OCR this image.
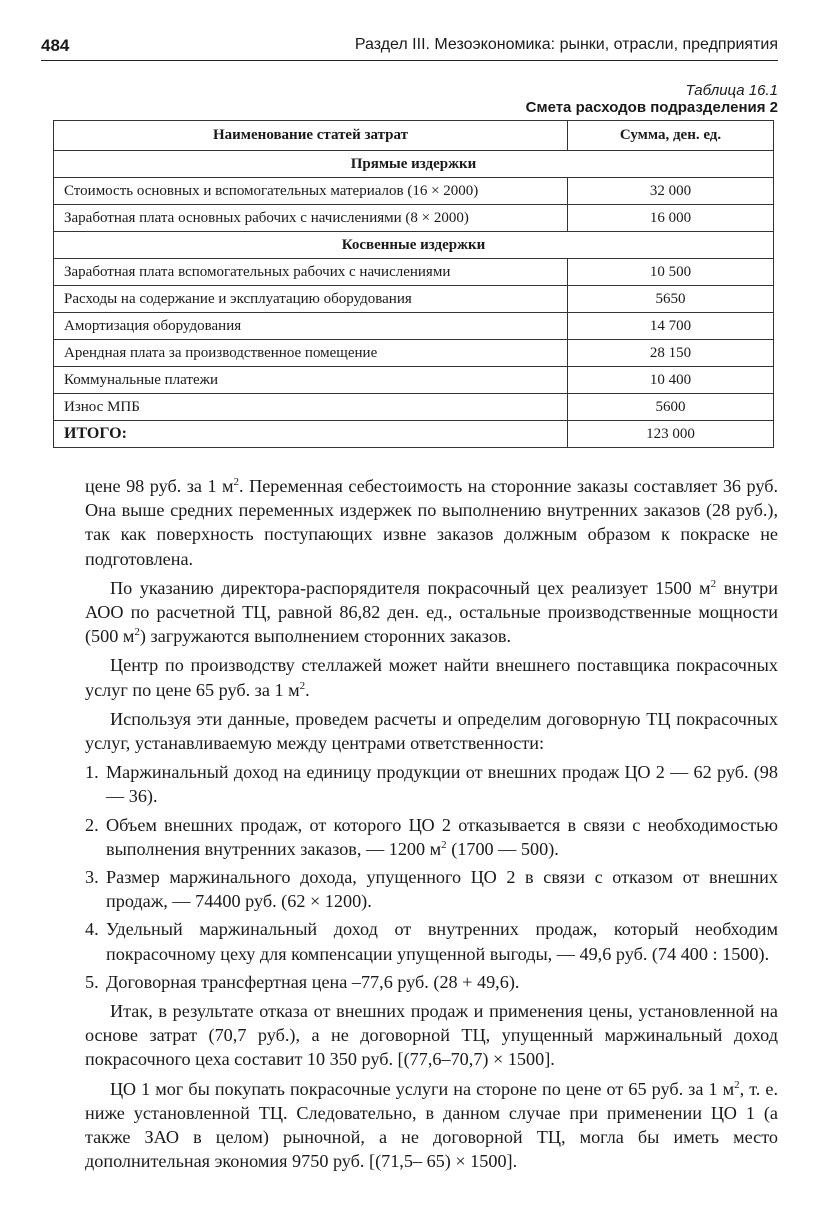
484	Раздел III. Мезоэкономика: рынки, отрасли, предприятия
Таблица 16.1
Смета расходов подразделения 2
Наименование статей затрат	Сумма, ден. ед.
Прямые издержки	
Стоимость основных и вспомогательных материалов (16 × 2000)	32 000
Заработная плата основных рабочих с начислениями (8 × 2000)	16 000
Косвенные издержки	
Заработная плата вспомогательных рабочих с начислениями	10 500
Расходы на содержание и эксплуатацию оборудования	5650
Амортизация оборудования	14 700
Арендная плата за производственное помещение	28 150
Коммунальные платежи	10 400
Износ МПБ	5600
ИТОГО:	123 000

цене 98 руб. за 1 $м^2$. Переменная себестоимость на сторонние заказы составляет 36 руб. Она выше средних переменных издержек по выполнению внутренних заказов (28 руб.), так как поверхность поступающих извне заказов должным образом к покраске не подготовлена.

По указанию директора-распорядителя покрасочный цех реализует 1500 $м^2$ внутри АОО по расчетной ТЦ, равной 86,82 ден. ед., остальные производственные мощности (500 $м^2$) загружаются выполнением сторонних заказов.

Центр по производству стеллажей может найти внешнего поставщика покрасочных услуг по цене 65 руб. за 1 $м^2$.

Используя эти данные, проведем расчеты и определим договорную ТЦ покрасочных услуг, устанавливаемую между центрами ответственности:

1. Маржинальный доход на единицу продукции от внешних продаж ЦО 2 — 62 руб. (98 — 36).
2. Объем внешних продаж, от которого ЦО 2 отказывается в связи с необходимостью выполнения внутренних заказов, — 1200 $м^2$ (1700 — 500).
3. Размер маржинального дохода, упущенного ЦО 2 в связи с отказом от внешних продаж, — 74400 руб. (62 × 1200).
4. Удельный маржинальный доход от внутренних продаж, который необходим покрасочному цеху для компенсации упущенной выгоды, — 49,6 руб. (74 400 : 1500).
5. Договорная трансфертная цена –77,6 руб. (28 + 49,6).

Итак, в результате отказа от внешних продаж и применения цены, установленной на основе затрат (70,7 руб.), а не договорной ТЦ, упущенный маржинальный доход покрасочного цеха составит 10 350 руб. [(77,6–70,7) × 1500].

ЦО 1 мог бы покупать покрасочные услуги на стороне по цене от 65 руб. за 1 $м^2$, т. е. ниже установленной ТЦ. Следовательно, в данном случае при применении ЦО 1 (а также ЗАО в целом) рыночной, а не договорной ТЦ, могла бы иметь место дополнительная экономия 9750 руб. [(71,5– 65) × 1500].
